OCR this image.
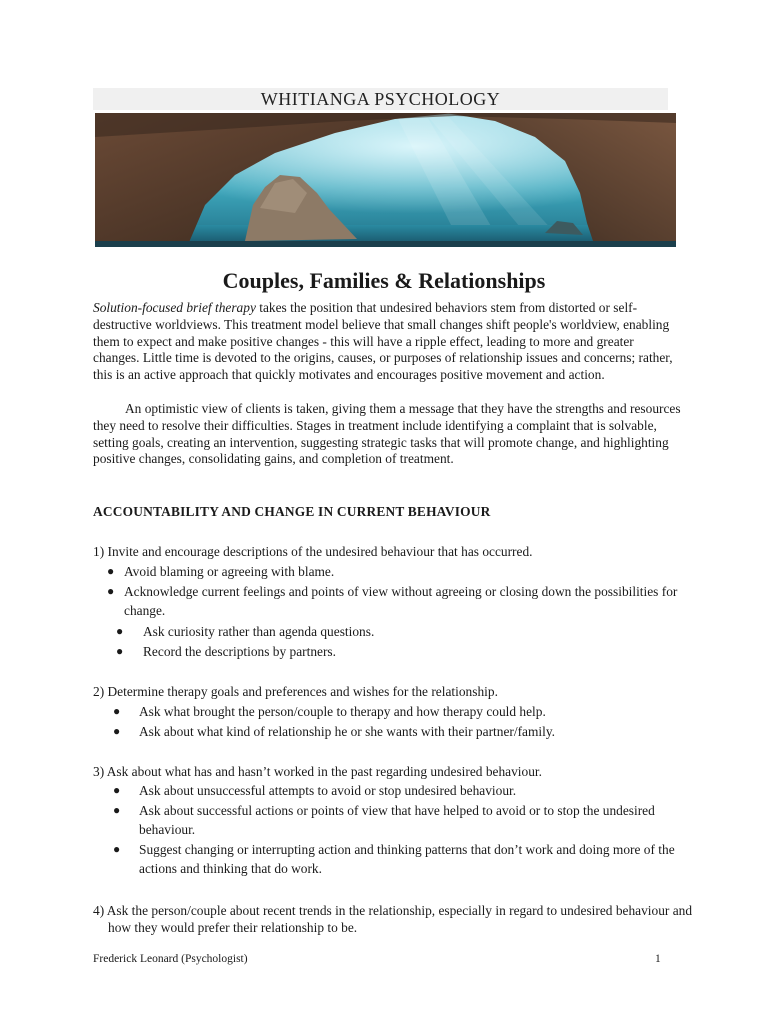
WHITIANGA PSYCHOLOGY
Couples, Families & Relationships

Solution-focused brief therapy takes the position that undesired behaviors stem from distorted or self-destructive worldviews. This treatment model believe that small changes shift people's worldview, enabling them to expect and make positive changes - this will have a ripple effect, leading to more and greater changes. Little time is devoted to the origins, causes, or purposes of relationship issues and concerns; rather, this is an active approach that quickly motivates and encourages positive movement and action.

An optimistic view of clients is taken, giving them a message that they have the strengths and resources they need to resolve their difficulties. Stages in treatment include identifying a complaint that is solvable, setting goals, creating an intervention, suggesting strategic tasks that will promote change, and highlighting positive changes, consolidating gains, and completion of treatment.

ACCOUNTABILITY AND CHANGE IN CURRENT BEHAVIOUR

1) Invite and encourage descriptions of the undesired behaviour that has occurred.

● Avoid blaming or agreeing with blame.
● Acknowledge current feelings and points of view without agreeing or closing down the possibilities for change.
● Ask curiosity rather than agenda questions.
● Record the descriptions by partners.

2) Determine therapy goals and preferences and wishes for the relationship.

● Ask what brought the person/couple to therapy and how therapy could help.
● Ask about what kind of relationship he or she wants with their partner/family.

3) Ask about what has and hasn’t worked in the past regarding undesired behaviour.

● Ask about unsuccessful attempts to avoid or stop undesired behaviour.
● Ask about successful actions or points of view that have helped to avoid or to stop the undesired behaviour.
● Suggest changing or interrupting action and thinking patterns that don’t work and doing more of the actions and thinking that do work.

4) Ask the person/couple about recent trends in the relationship, especially in regard to undesired behaviour and how they would prefer their relationship to be.

Frederick Leonard (Psychologist)	1
